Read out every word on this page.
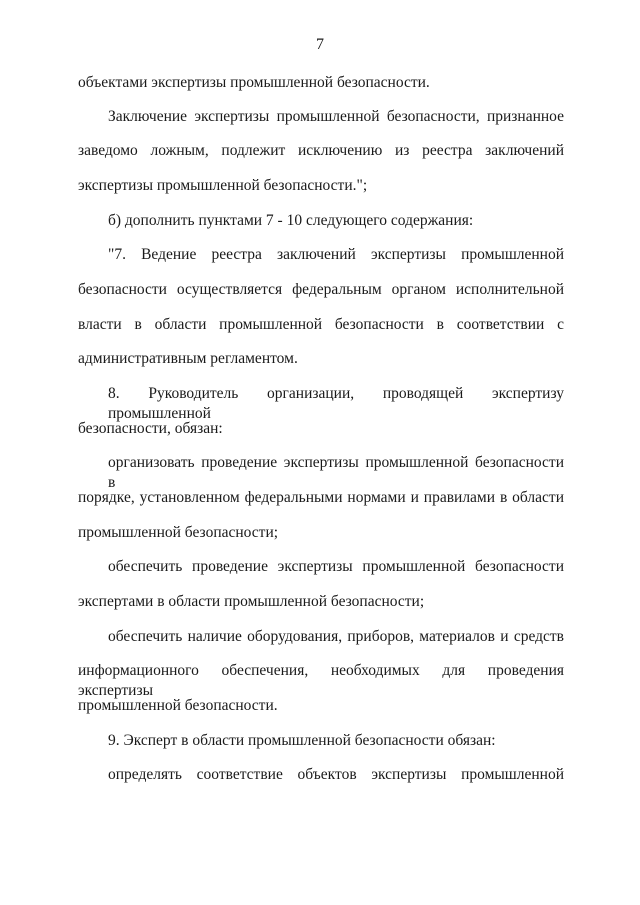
7
объектами экспертизы промышленной безопасности.
Заключение экспертизы промышленной безопасности, признанное
заведомо ложным, подлежит исключению из реестра заключений
экспертизы промышленной безопасности.";
б) дополнить пунктами 7 - 10 следующего содержания:
"7. Ведение реестра заключений экспертизы промышленной
безопасности осуществляется федеральным органом исполнительной
власти в области промышленной безопасности в соответствии с
административным регламентом.
8. Руководитель организации, проводящей экспертизу промышленной
безопасности, обязан:
организовать проведение экспертизы промышленной безопасности в
порядке, установленном федеральными нормами и правилами в области
промышленной безопасности;
обеспечить проведение экспертизы промышленной безопасности
экспертами в области промышленной безопасности;
обеспечить наличие оборудования, приборов, материалов и средств
информационного обеспечения, необходимых для проведения экспертизы
промышленной безопасности.
9. Эксперт в области промышленной безопасности обязан:
определять соответствие объектов экспертизы промышленной
